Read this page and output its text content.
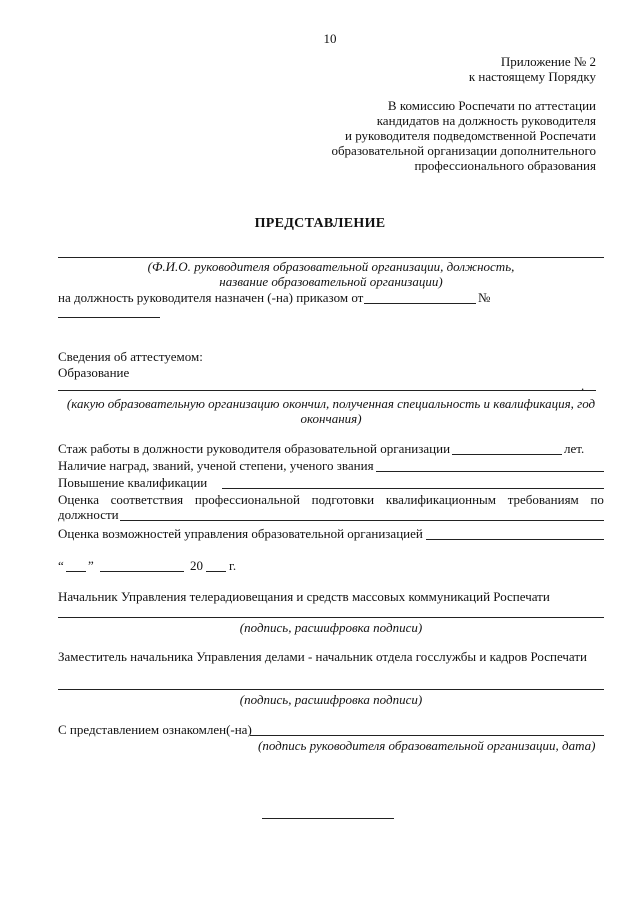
10
Приложение № 2
к настоящему Порядку
В комиссию Роспечати по аттестации
кандидатов на должность руководителя
и руководителя подведомственной Роспечати
образовательной организации дополнительного
профессионального образования
ПРЕДСТАВЛЕНИЕ
(Ф.И.О. руководителя образовательной организации, должность,
название образовательной организации)
на должность руководителя назначен (-на) приказом от	№
Сведения об аттестуемом:
Образование
.
(какую образовательную организацию окончил, полученная специальность и квалификация, год
окончания)
Стаж работы в должности руководителя образовательной организации	лет.
Наличие наград, званий, ученой степени, ученого звания
Повышение квалификации
Оценка соответствия профессиональной подготовки квалификационным требованиям по
должности
Оценка возможностей управления образовательной организацией
“ ”	20 г.
Начальник Управления телерадиовещания и средств массовых коммуникаций Роспечати
(подпись, расшифровка подписи)
Заместитель начальника Управления делами - начальник отдела госслужбы и кадров Роспечати
(подпись, расшифровка подписи)
С представлением ознакомлен(-на)
(подпись руководителя образовательной организации, дата)
